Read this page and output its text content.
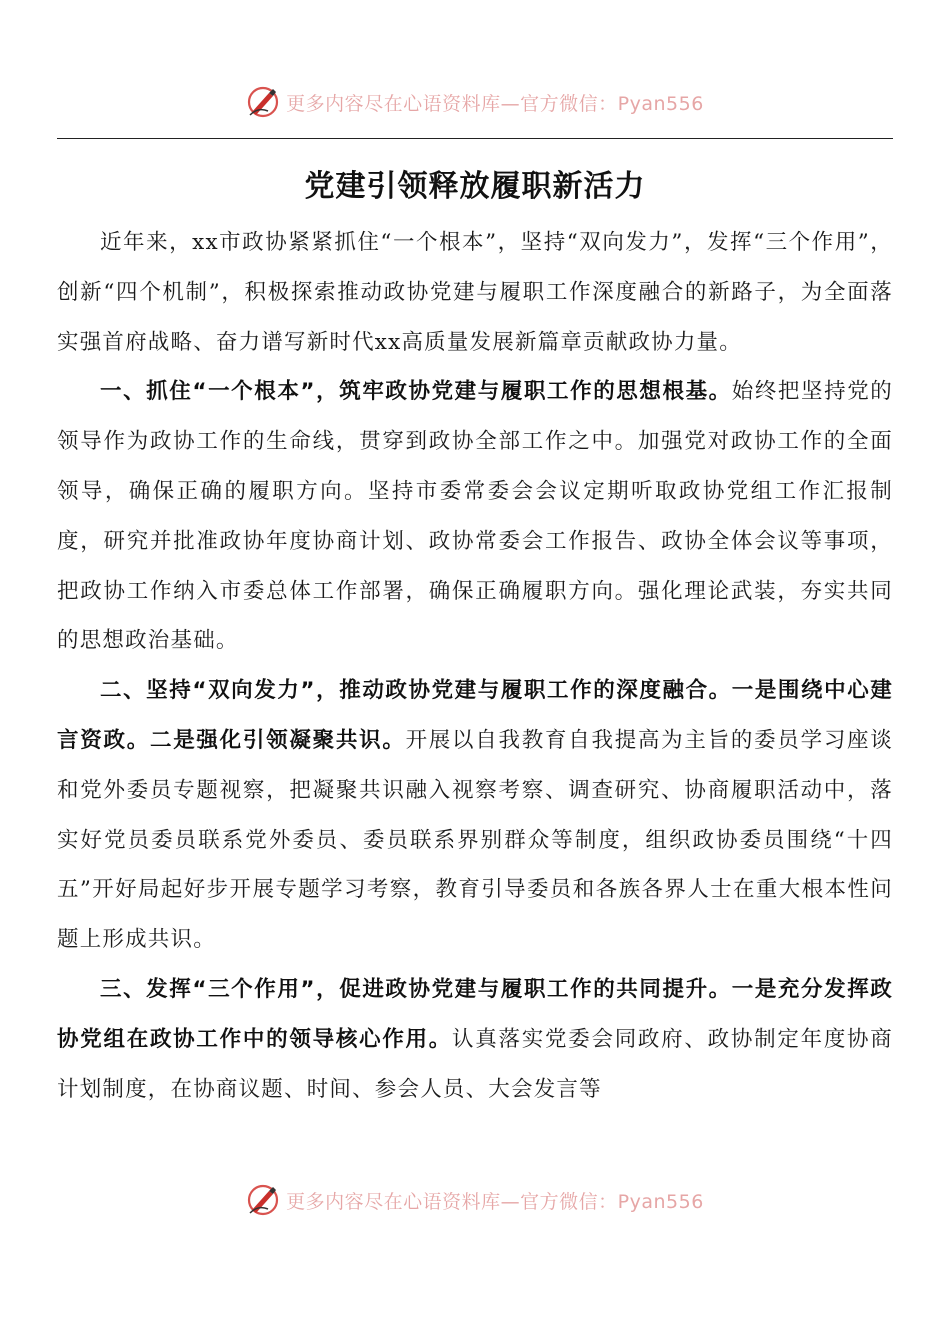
更多内容尽在心语资料库—官方微信：Pyan556
党建引领释放履职新活力

近年来，xx市政协紧紧抓住“一个根本”，坚持“双向发力”，发挥“三个作用”，创新“四个机制”，积极探索推动政协党建与履职工作深度融合的新路子，为全面落实强首府战略、奋力谱写新时代xx高质量发展新篇章贡献政协力量。

一、抓住“一个根本”，筑牢政协党建与履职工作的思想根基。始终把坚持党的领导作为政协工作的生命线，贯穿到政协全部工作之中。加强党对政协工作的全面领导，确保正确的履职方向。坚持市委常委会会议定期听取政协党组工作汇报制度，研究并批准政协年度协商计划、政协常委会工作报告、政协全体会议等事项，把政协工作纳入市委总体工作部署，确保正确履职方向。强化理论武装，夯实共同的思想政治基础。

二、坚持“双向发力”，推动政协党建与履职工作的深度融合。一是围绕中心建言资政。二是强化引领凝聚共识。开展以自我教育自我提高为主旨的委员学习座谈和党外委员专题视察，把凝聚共识融入视察考察、调查研究、协商履职活动中，落实好党员委员联系党外委员、委员联系界别群众等制度，组织政协委员围绕“十四五”开好局起好步开展专题学习考察，教育引导委员和各族各界人士在重大根本性问题上形成共识。

三、发挥“三个作用”，促进政协党建与履职工作的共同提升。一是充分发挥政协党组在政协工作中的领导核心作用。认真落实党委会同政府、政协制定年度协商计划制度，在协商议题、时间、参会人员、大会发言等

更多内容尽在心语资料库—官方微信：Pyan556
